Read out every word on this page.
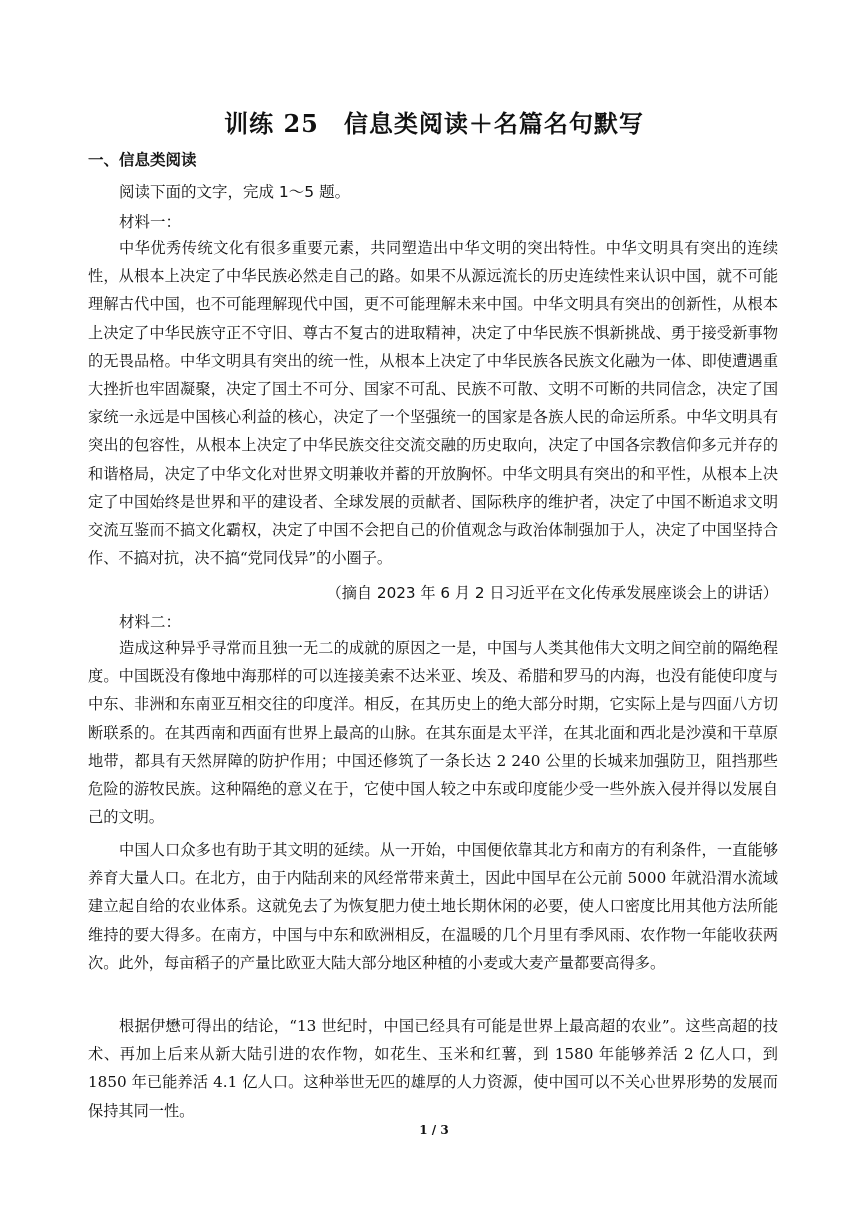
训练 25　信息类阅读＋名篇名句默写
一、信息类阅读
阅读下面的文字，完成 1～5 题。
材料一：
中华优秀传统文化有很多重要元素，共同塑造出中华文明的突出特性。中华文明具有突出的连续性，从根本上决定了中华民族必然走自己的路。如果不从源远流长的历史连续性来认识中国，就不可能理解古代中国，也不可能理解现代中国，更不可能理解未来中国。中华文明具有突出的创新性，从根本上决定了中华民族守正不守旧、尊古不复古的进取精神，决定了中华民族不惧新挑战、勇于接受新事物的无畏品格。中华文明具有突出的统一性，从根本上决定了中华民族各民族文化融为一体、即使遭遇重大挫折也牢固凝聚，决定了国土不可分、国家不可乱、民族不可散、文明不可断的共同信念，决定了国家统一永远是中国核心利益的核心，决定了一个坚强统一的国家是各族人民的命运所系。中华文明具有突出的包容性，从根本上决定了中华民族交往交流交融的历史取向，决定了中国各宗教信仰多元并存的和谐格局，决定了中华文化对世界文明兼收并蓄的开放胸怀。中华文明具有突出的和平性，从根本上决定了中国始终是世界和平的建设者、全球发展的贡献者、国际秩序的维护者，决定了中国不断追求文明交流互鉴而不搞文化霸权，决定了中国不会把自己的价值观念与政治体制强加于人，决定了中国坚持合作、不搞对抗，决不搞“党同伐异”的小圈子。
（摘自 2023 年 6 月 2 日习近平在文化传承发展座谈会上的讲话）
材料二：
造成这种异乎寻常而且独一无二的成就的原因之一是，中国与人类其他伟大文明之间空前的隔绝程度。中国既没有像地中海那样的可以连接美索不达米亚、埃及、希腊和罗马的内海，也没有能使印度与中东、非洲和东南亚互相交往的印度洋。相反，在其历史上的绝大部分时期，它实际上是与四面八方切断联系的。在其西南和西面有世界上最高的山脉。在其东面是太平洋，在其北面和西北是沙漠和干草原地带，都具有天然屏障的防护作用；中国还修筑了一条长达 2 240 公里的长城来加强防卫，阻挡那些危险的游牧民族。这种隔绝的意义在于，它使中国人较之中东或印度能少受一些外族入侵并得以发展自己的文明。
中国人口众多也有助于其文明的延续。从一开始，中国便依靠其北方和南方的有利条件，一直能够养育大量人口。在北方，由于内陆刮来的风经常带来黄土，因此中国早在公元前 5000 年就沿渭水流域建立起自给的农业体系。这就免去了为恢复肥力使土地长期休闲的必要，使人口密度比用其他方法所能维持的要大得多。在南方，中国与中东和欧洲相反，在温暖的几个月里有季风雨、农作物一年能收获两次。此外，每亩稻子的产量比欧亚大陆大部分地区种植的小麦或大麦产量都要高得多。
根据伊懋可得出的结论，“13 世纪时，中国已经具有可能是世界上最高超的农业”。这些高超的技术、再加上后来从新大陆引进的农作物，如花生、玉米和红薯，到 1580 年能够养活 2 亿人口，到 1850 年已能养活 4.1 亿人口。这种举世无匹的雄厚的人力资源，使中国可以不关心世界形势的发展而保持其同一性。
1 / 3
